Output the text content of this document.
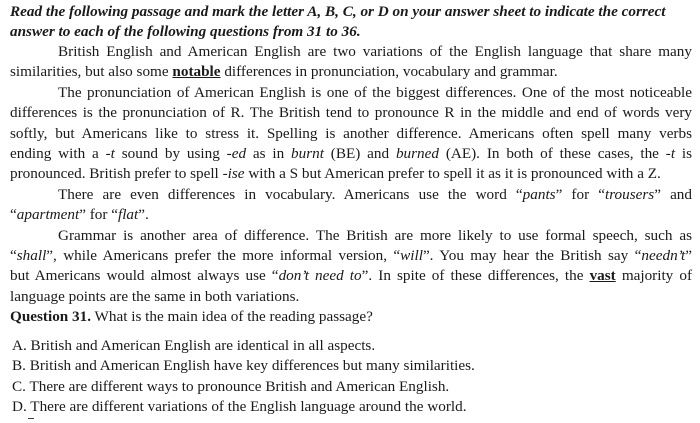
Read the following passage and mark the letter A, B, C, or D on your answer sheet to indicate the correct
answer to each of the following questions from 31 to 36.
British English and American English are two variations of the English language that share many
similarities, but also some notable differences in pronunciation, vocabulary and grammar.
The pronunciation of American English is one of the biggest differences. One of the most noticeable
differences is the pronunciation of R. The British tend to pronounce R in the middle and end of words very
softly, but Americans like to stress it. Spelling is another difference. Americans often spell many verbs
ending with a -t sound by using -ed as in burnt (BE) and burned (AE). In both of these cases, the -t is
pronounced. British prefer to spell -ise with a S but American prefer to spell it as it is pronounced with a Z.
There are even differences in vocabulary. Americans use the word “pants” for “trousers” and
“apartment” for “flat”.
Grammar is another area of difference. The British are more likely to use formal speech, such as
“shall”, while Americans prefer the more informal version, “will”. You may hear the British say “needn’t”
but Americans would almost always use “don’t need to”. In spite of these differences, the vast majority of
language points are the same in both variations.
Question 31. What is the main idea of the reading passage?
A. British and American English are identical in all aspects.
B. British and American English have key differences but many similarities.
C. There are different ways to pronounce British and American English.
D. There are different variations of the English language around the world.
